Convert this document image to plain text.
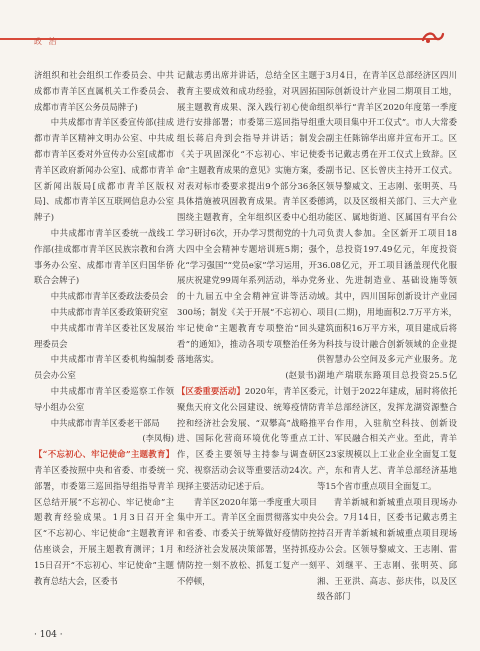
政 治

济组织和社会组织工作委员会、中共成都市青羊区直属机关工作委员会、成都市青羊区公务员局牌子)

中共成都市青羊区委宣传部(挂成都市青羊区精神文明办公室、中共成都市青羊区委对外宣传办公室[成都市青羊区政府新闻办公室]、成都市青羊区新闻出版局[成都市青羊区版权局]、成都市青羊区互联网信息办公室牌子)

中共成都市青羊区委统一战线工作部(挂成都市青羊区民族宗教和台湾事务办公室、成都市青羊区归国华侨联合会牌子)

中共成都市青羊区委政法委员会

中共成都市青羊区委政策研究室

中共成都市青羊区委社区发展治理委员会

中共成都市青羊区委机构编制委员会办公室

中共成都市青羊区委巡察工作领导小组办公室

中共成都市青羊区委老干部局

(李凤梅)

【“不忘初心、牢记使命”主题教育】青羊区委按照中央和省委、市委统一部署，市委第三巡回指导组指导青羊区总结开展“不忘初心、牢记使命”主题教育经验成果。1月3日召开全区“不忘初心、牢记使命”主题教育评估座谈会，开展主题教育测评；1月15日召开“不忘初心、牢记使命”主题教育总结大会，区委书

记戴志勇出席并讲话，总结全区主题教育主要成效和成功经验，对巩固拓展主题教育成果、深入践行初心使命进行安排部署；市委第三巡回指导组组长蒋启舟到会指导并讲话；制发《关于巩固深化“不忘初心、牢记使命”主题教育成果的意见》实施方案，对表对标市委要求提出9个部分36条具体措施被巩固教育成果。青羊区委围绕主题教育，全年组织区委中心组学习研讨6次，开办学习贯彻党的十九大四中全会精神专题培训班5期；强化“学习强国”“党员e家”学习运用，开展庆祝建党99周年系列活动，举办党的十九届五中全会精神宣讲等活动300场；制发《关于开展“不忘初心、牢记使命”主题教育专项整治“回头看”的通知》，推动各项专项整治任务落地落实。

(赵景书)

【区委重要活动】2020年，青羊区委聚焦天府文化公园建设、统筹疫情防控和经济社会发展、“双攀高”战略推进、国际化营商环境优化等重点工作，区委主要领导主持参与调查研究、视察活动会议等重要活动24次。现择主要活动记述于后。

青羊区2020年第一季度重大项目集中开工。青羊区全面贯彻落实中央和省委、市委关于统筹做好疫情防控和经济社会发展决策部署，坚持抓疫情防控一刻不放松、抓复工复产一刻不停顿，

于3月4日，在青羊区总部经济区四川国际创新设计产业园二期项目工地，组织举行“青羊区2020年度第一季度重大项目集中开工仪式”。市人大常委会副主任陈锦华出席并宣布开工。区委书记戴志勇在开工仪式上致辞。区委副书记、区长曾庆主持开工仪式。区领导黎威文、王志刚、张明英、马德鸿，以及区级相关部门、三大产业功能区、属地街道、区属国有平台公司负责人参加。全区新开工项目18个，总投资197.49亿元，年度投资36.08亿元，开工项目涵盖现代化服务业、先进制造业、基础设施等领域。其中，四川国际创新设计产业园项目(二期)，用地面积2.7万平方米，建筑面积16万平方米，项目建成后将为科技与设计融合创新领域的企业提供智慧办公空间及多元产业服务。龙湖地产瑞联东路项目总投资25.5亿元，计划于2022年建成，届时将依托青羊总部经济区，发挥龙湖资源整合平台作用，入驻航空科技、创新设计、军民融合相关产业。至此，青羊区23家规模以上工业企业全面复工复产，东和青人艺、青羊总部经济基地等15个省市重点项目全面复工。

青羊新城和新城重点项目现场办公会。7月14日，区委书记戴志勇主持召开青羊新城和新城重点项目现场办公会。区领导黎威文、王志刚、雷平、刘继平、王志刚、张明英、邱湘、王亚洪、高志、彭庆伟，以及区级各部门

· 104 ·
